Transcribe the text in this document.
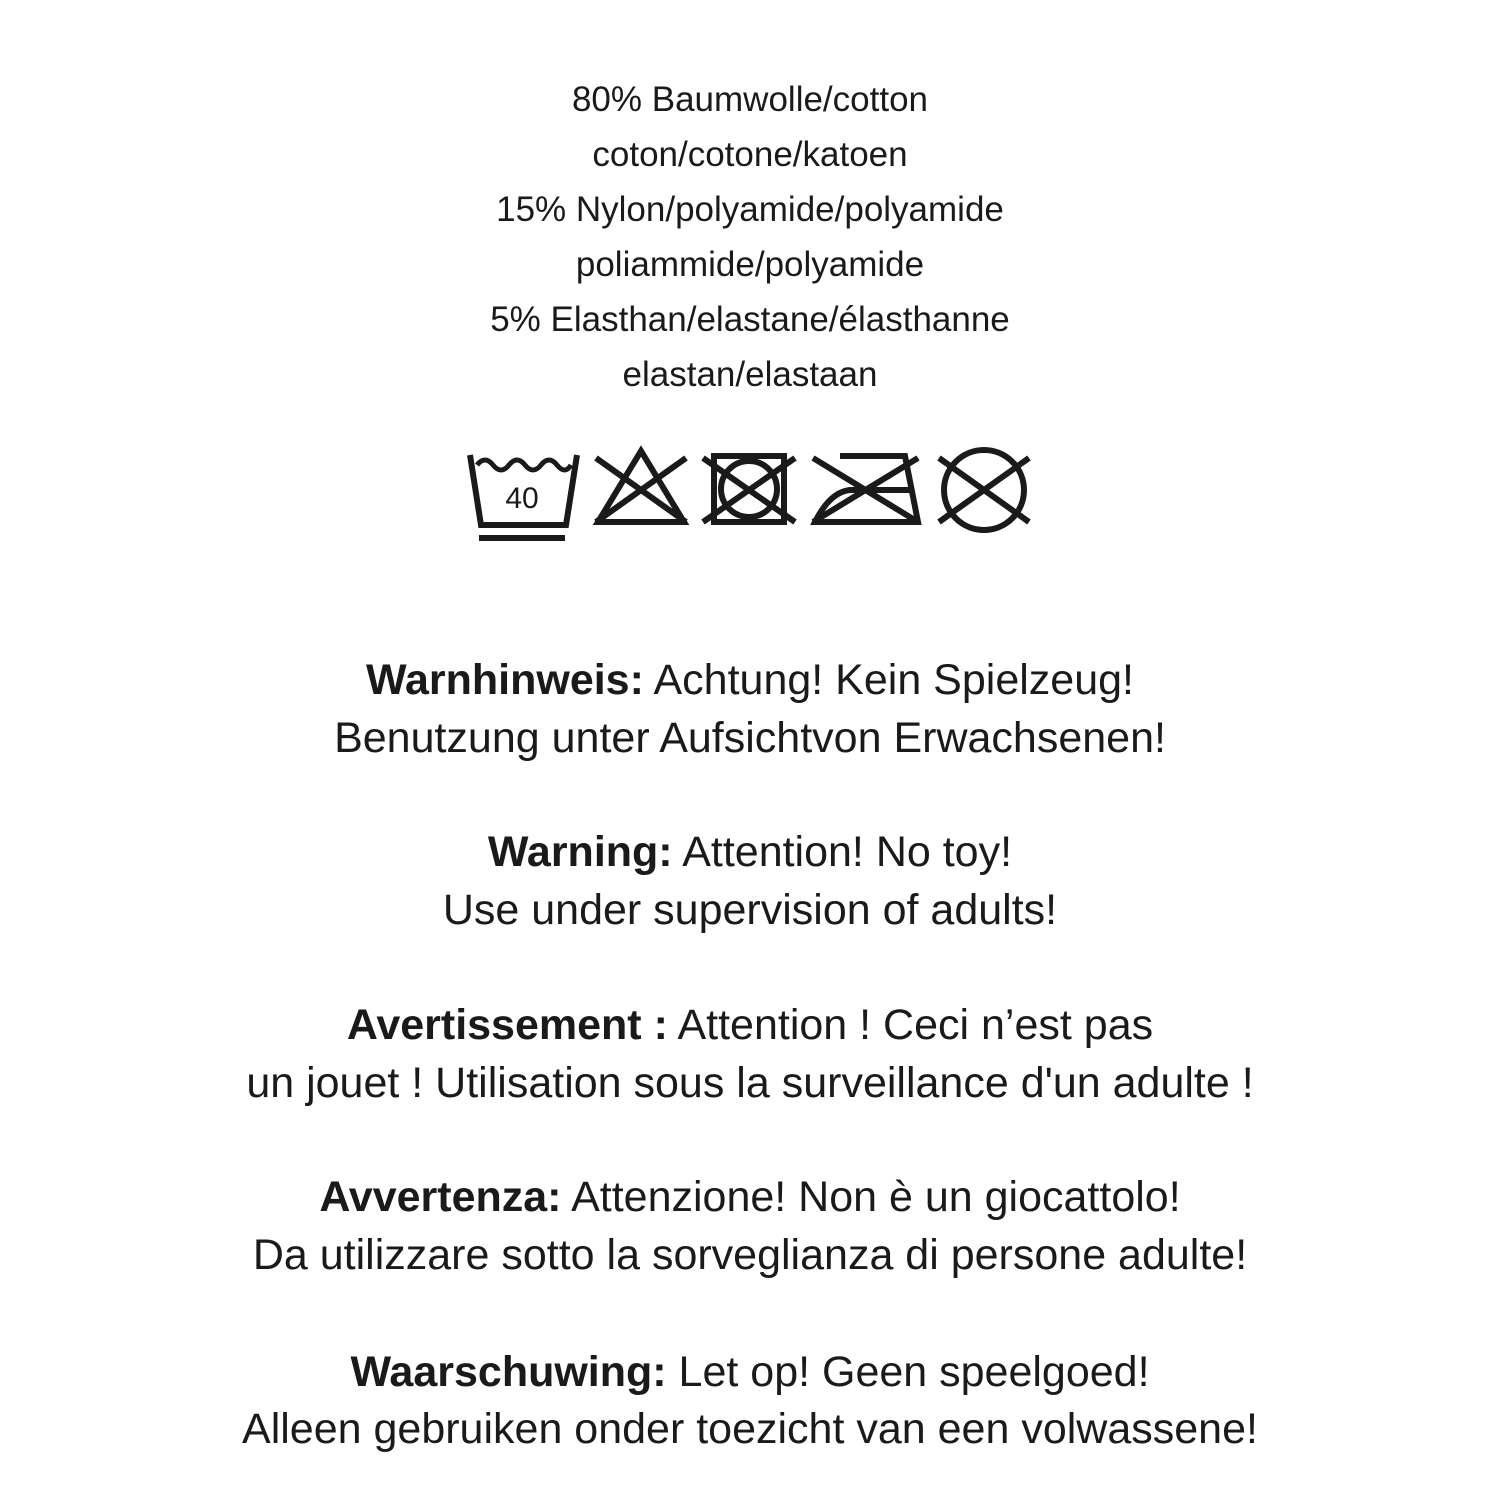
80% Baumwolle/cotton
coton/cotone/katoen
15% Nylon/polyamide/polyamide
poliammide/polyamide
5% Elasthan/elastane/élasthanne
elastan/elastaan
40
Warnhinweis: Achtung! Kein Spielzeug!
Benutzung unter Aufsichtvon Erwachsenen!
Warning: Attention! No toy!
Use under supervision of adults!
Avertissement : Attention ! Ceci n’est pas
un jouet ! Utilisation sous la surveillance d'un adulte !
Avvertenza: Attenzione! Non è un giocattolo!
Da utilizzare sotto la sorveglianza di persone adulte!
Waarschuwing: Let op! Geen speelgoed!
Alleen gebruiken onder toezicht van een volwassene!
